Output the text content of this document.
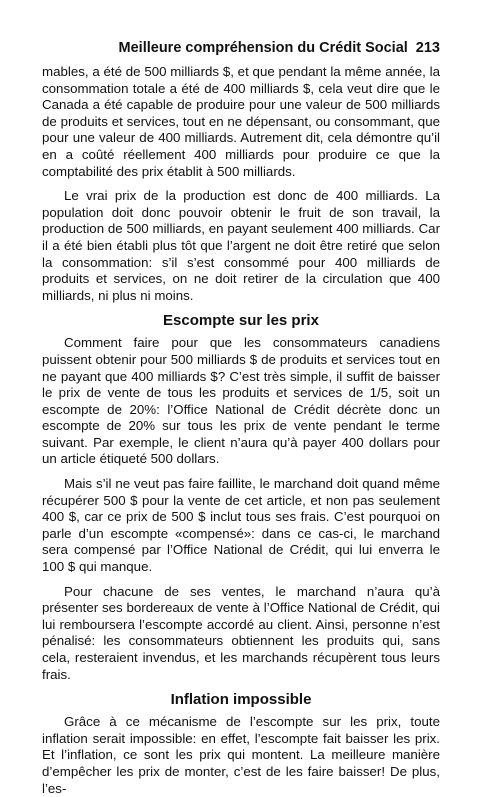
Meilleure compréhension du Crédit Social 213

mables, a été de 500 milliards $, et que pendant la même année, la consommation totale a été de 400 milliards $, cela veut dire que le Canada a été capable de produire pour une valeur de 500 milliards de produits et services, tout en ne dépensant, ou consommant, que pour une valeur de 400 milliards. Autrement dit, cela démontre qu’il en a coûté réellement 400 milliards pour produire ce que la comptabilité des prix établit à 500 milliards.

Le vrai prix de la production est donc de 400 milliards. La population doit donc pouvoir obtenir le fruit de son travail, la production de 500 milliards, en payant seulement 400 milliards. Car il a été bien établi plus tôt que l’argent ne doit être retiré que selon la consommation: s’il s’est consommé pour 400 milliards de produits et services, on ne doit retirer de la circulation que 400 milliards, ni plus ni moins.

Escompte sur les prix

Comment faire pour que les consommateurs canadiens puissent obtenir pour 500 milliards $ de produits et services tout en ne payant que 400 milliards $? C’est très simple, il suffit de baisser le prix de vente de tous les produits et services de 1/5, soit un escompte de 20%: l’Office National de Crédit décrète donc un escompte de 20% sur tous les prix de vente pendant le terme suivant. Par exemple, le client n’aura qu’à payer 400 dollars pour un article étiqueté 500 dollars.

Mais s’il ne veut pas faire faillite, le marchand doit quand même récupérer 500 $ pour la vente de cet article, et non pas seulement 400 $, car ce prix de 500 $ inclut tous ses frais. C’est pourquoi on parle d’un escompte «compensé»: dans ce cas-ci, le marchand sera compensé par l’Office National de Crédit, qui lui enverra le 100 $ qui manque.

Pour chacune de ses ventes, le marchand n’aura qu’à présenter ses bordereaux de vente à l’Office National de Crédit, qui lui remboursera l’escompte accordé au client. Ainsi, personne n’est pénalisé: les consommateurs obtiennent les produits qui, sans cela, resteraient invendus, et les marchands récupèrent tous leurs frais.

Inflation impossible

Grâce à ce mécanisme de l’escompte sur les prix, toute inflation serait impossible: en effet, l’escompte fait baisser les prix. Et l’inflation, ce sont les prix qui montent. La meilleure manière d’empêcher les prix de monter, c’est de les faire baisser! De plus, l’es-
